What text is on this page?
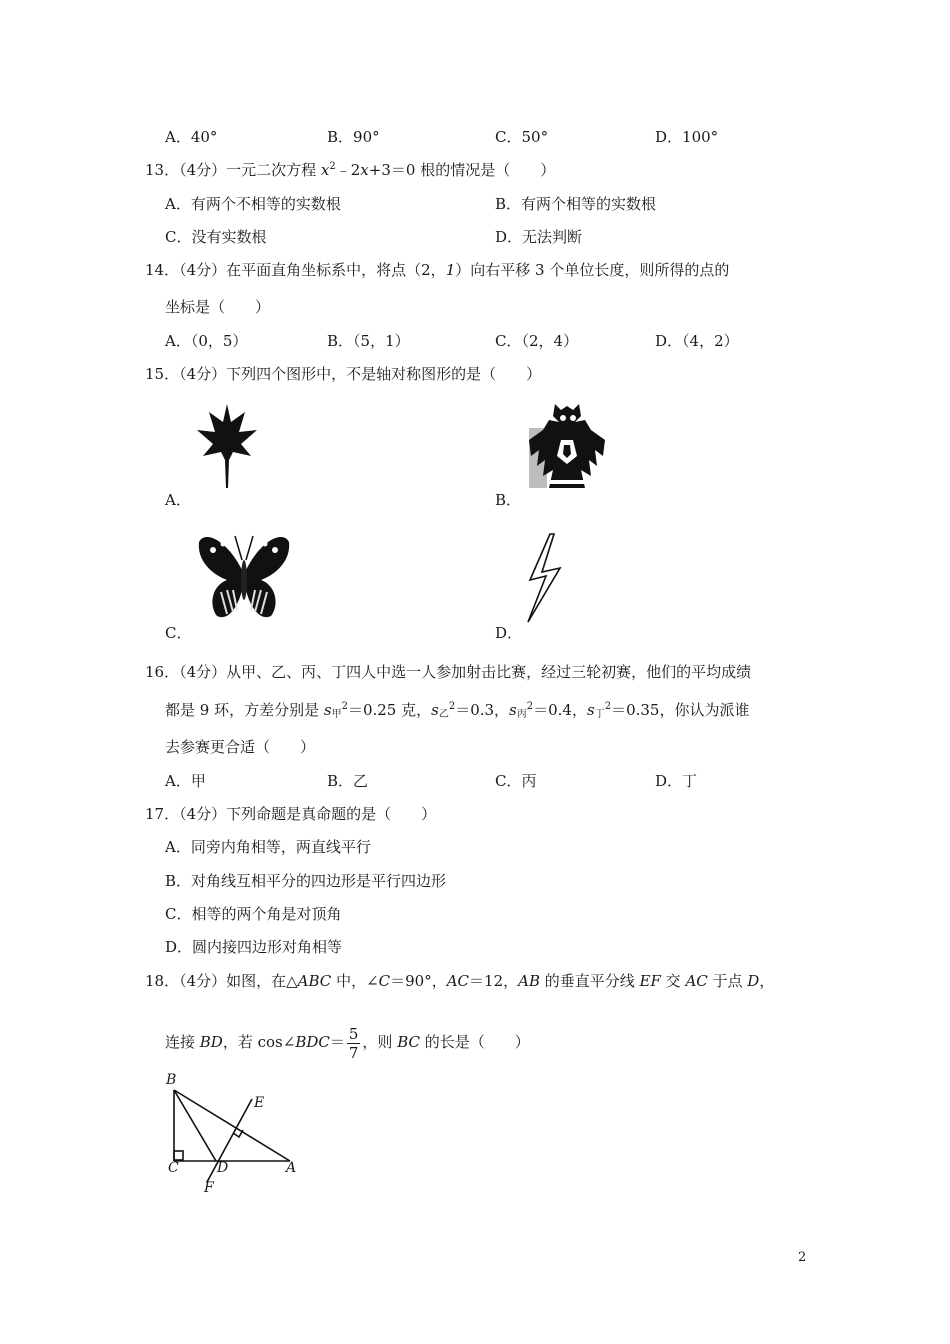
A．40°	B．90°	C．50°	D．100°
13．（4分）一元二次方程 $x^2﹣2x+3=0$ 根的情况是（　　）
A．有两个不相等的实数根	B．有两个相等的实数根
C．没有实数根	D．无法判断
14．（4分）在平面直角坐标系中，将点（2，1）向右平移 3 个单位长度，则所得的点的
坐标是（　　）
A．（0，5）	B．（5，1）	C．（2，4）	D．（4，2）
15．（4分）下列四个图形中，不是轴对称图形的是（　　）
A．	B．
C．	D．
16．（4分）从甲、乙、丙、丁四人中选一人参加射击比赛，经过三轮初赛，他们的平均成绩
都是 9 环，方差分别是 $s_甲^2=0.25$ 克，$s_乙^2=0.3$，$s_丙^2=0.4$，$s_丁^2=0.35$，你认为派谁
去参赛更合适（　　）
A．甲	B．乙	C．丙	D．丁
17．（4分）下列命题是真命题的是（　　）
A．同旁内角相等，两直线平行
B．对角线互相平分的四边形是平行四边形
C．相等的两个角是对顶角
D．圆内接四边形对角相等
18．（4分）如图，在△ABC 中，∠C＝90°，AC＝12，AB 的垂直平分线 EF 交 AC 于点 D，
连接 BD，若 cos∠BDC＝ $\frac{5}{7}$ ，则 BC 的长是（　　）
B
E
C	D	A
F
2
